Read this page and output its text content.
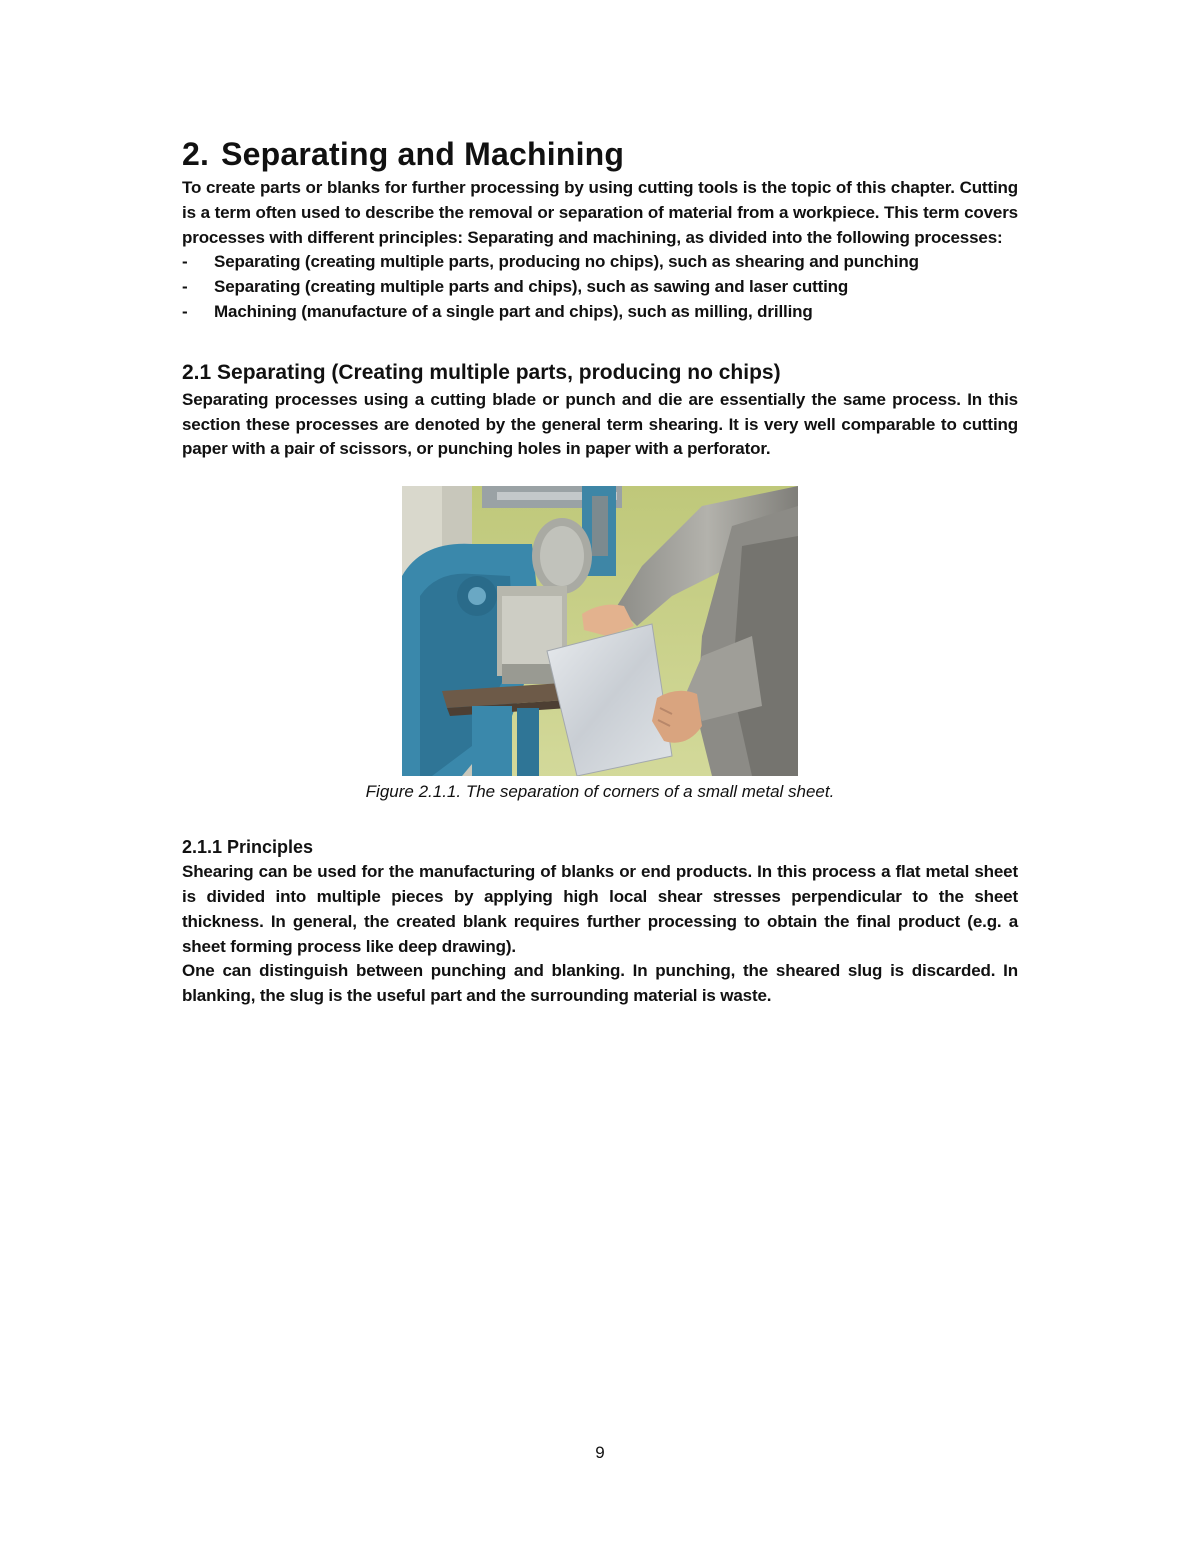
2. Separating and Machining

To create parts or blanks for further processing by using cutting tools is the topic of this chapter. Cutting is a term often used to describe the removal or separation of material from a workpiece. This term covers processes with different principles: Separating and machining, as divided into the following processes:

- Separating (creating multiple parts, producing no chips), such as shearing and punching
- Separating (creating multiple parts and chips), such as sawing and laser cutting
- Machining (manufacture of a single part and chips), such as milling, drilling
2.1 Separating (Creating multiple parts, producing no chips)

Separating processes using a cutting blade or punch and die are essentially the same process. In this section these processes are denoted by the general term shearing. It is very well comparable to cutting paper with a pair of scissors, or punching holes in paper with a perforator.

Figure 2.1.1. The separation of corners of a small metal sheet.
2.1.1 Principles

Shearing can be used for the manufacturing of blanks or end products. In this process a flat metal sheet is divided into multiple pieces by applying high local shear stresses perpendicular to the sheet thickness. In general, the created blank requires further processing to obtain the final product (e.g. a sheet forming process like deep drawing).

One can distinguish between punching and blanking. In punching, the sheared slug is discarded. In blanking, the slug is the useful part and the surrounding material is waste.

9
